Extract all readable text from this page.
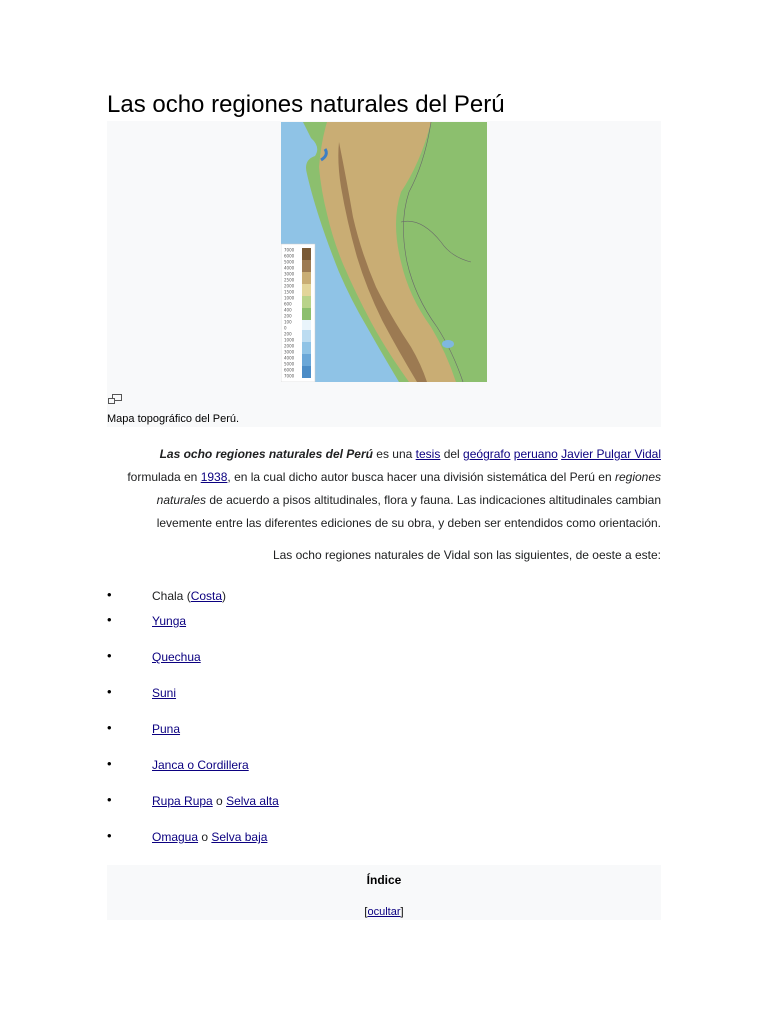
Las ocho regiones naturales del Perú
7000
6000
5000
4000
3000
2500
2000
1500
1000
600
400
200
100
0
200
1000
2000
3000
4000
5000
6000
7000
Mapa topográfico del Perú.

Las ocho regiones naturales del Perú es una tesis del geógrafo peruano Javier Pulgar Vidal formulada en 1938, en la cual dicho autor busca hacer una división sistemática del Perú en regiones naturales de acuerdo a pisos altitudinales, flora y fauna. Las indicaciones altitudinales cambian levemente entre las diferentes ediciones de su obra, y deben ser entendidos como orientación.

Las ocho regiones naturales de Vidal son las siguientes, de oeste a este:

•	Chala (Costa)
•	Yunga
•	Quechua
•	Suni
•	Puna
•	Janca o Cordillera
•	Rupa Rupa o Selva alta
•	Omagua o Selva baja
Índice
[ocultar]
